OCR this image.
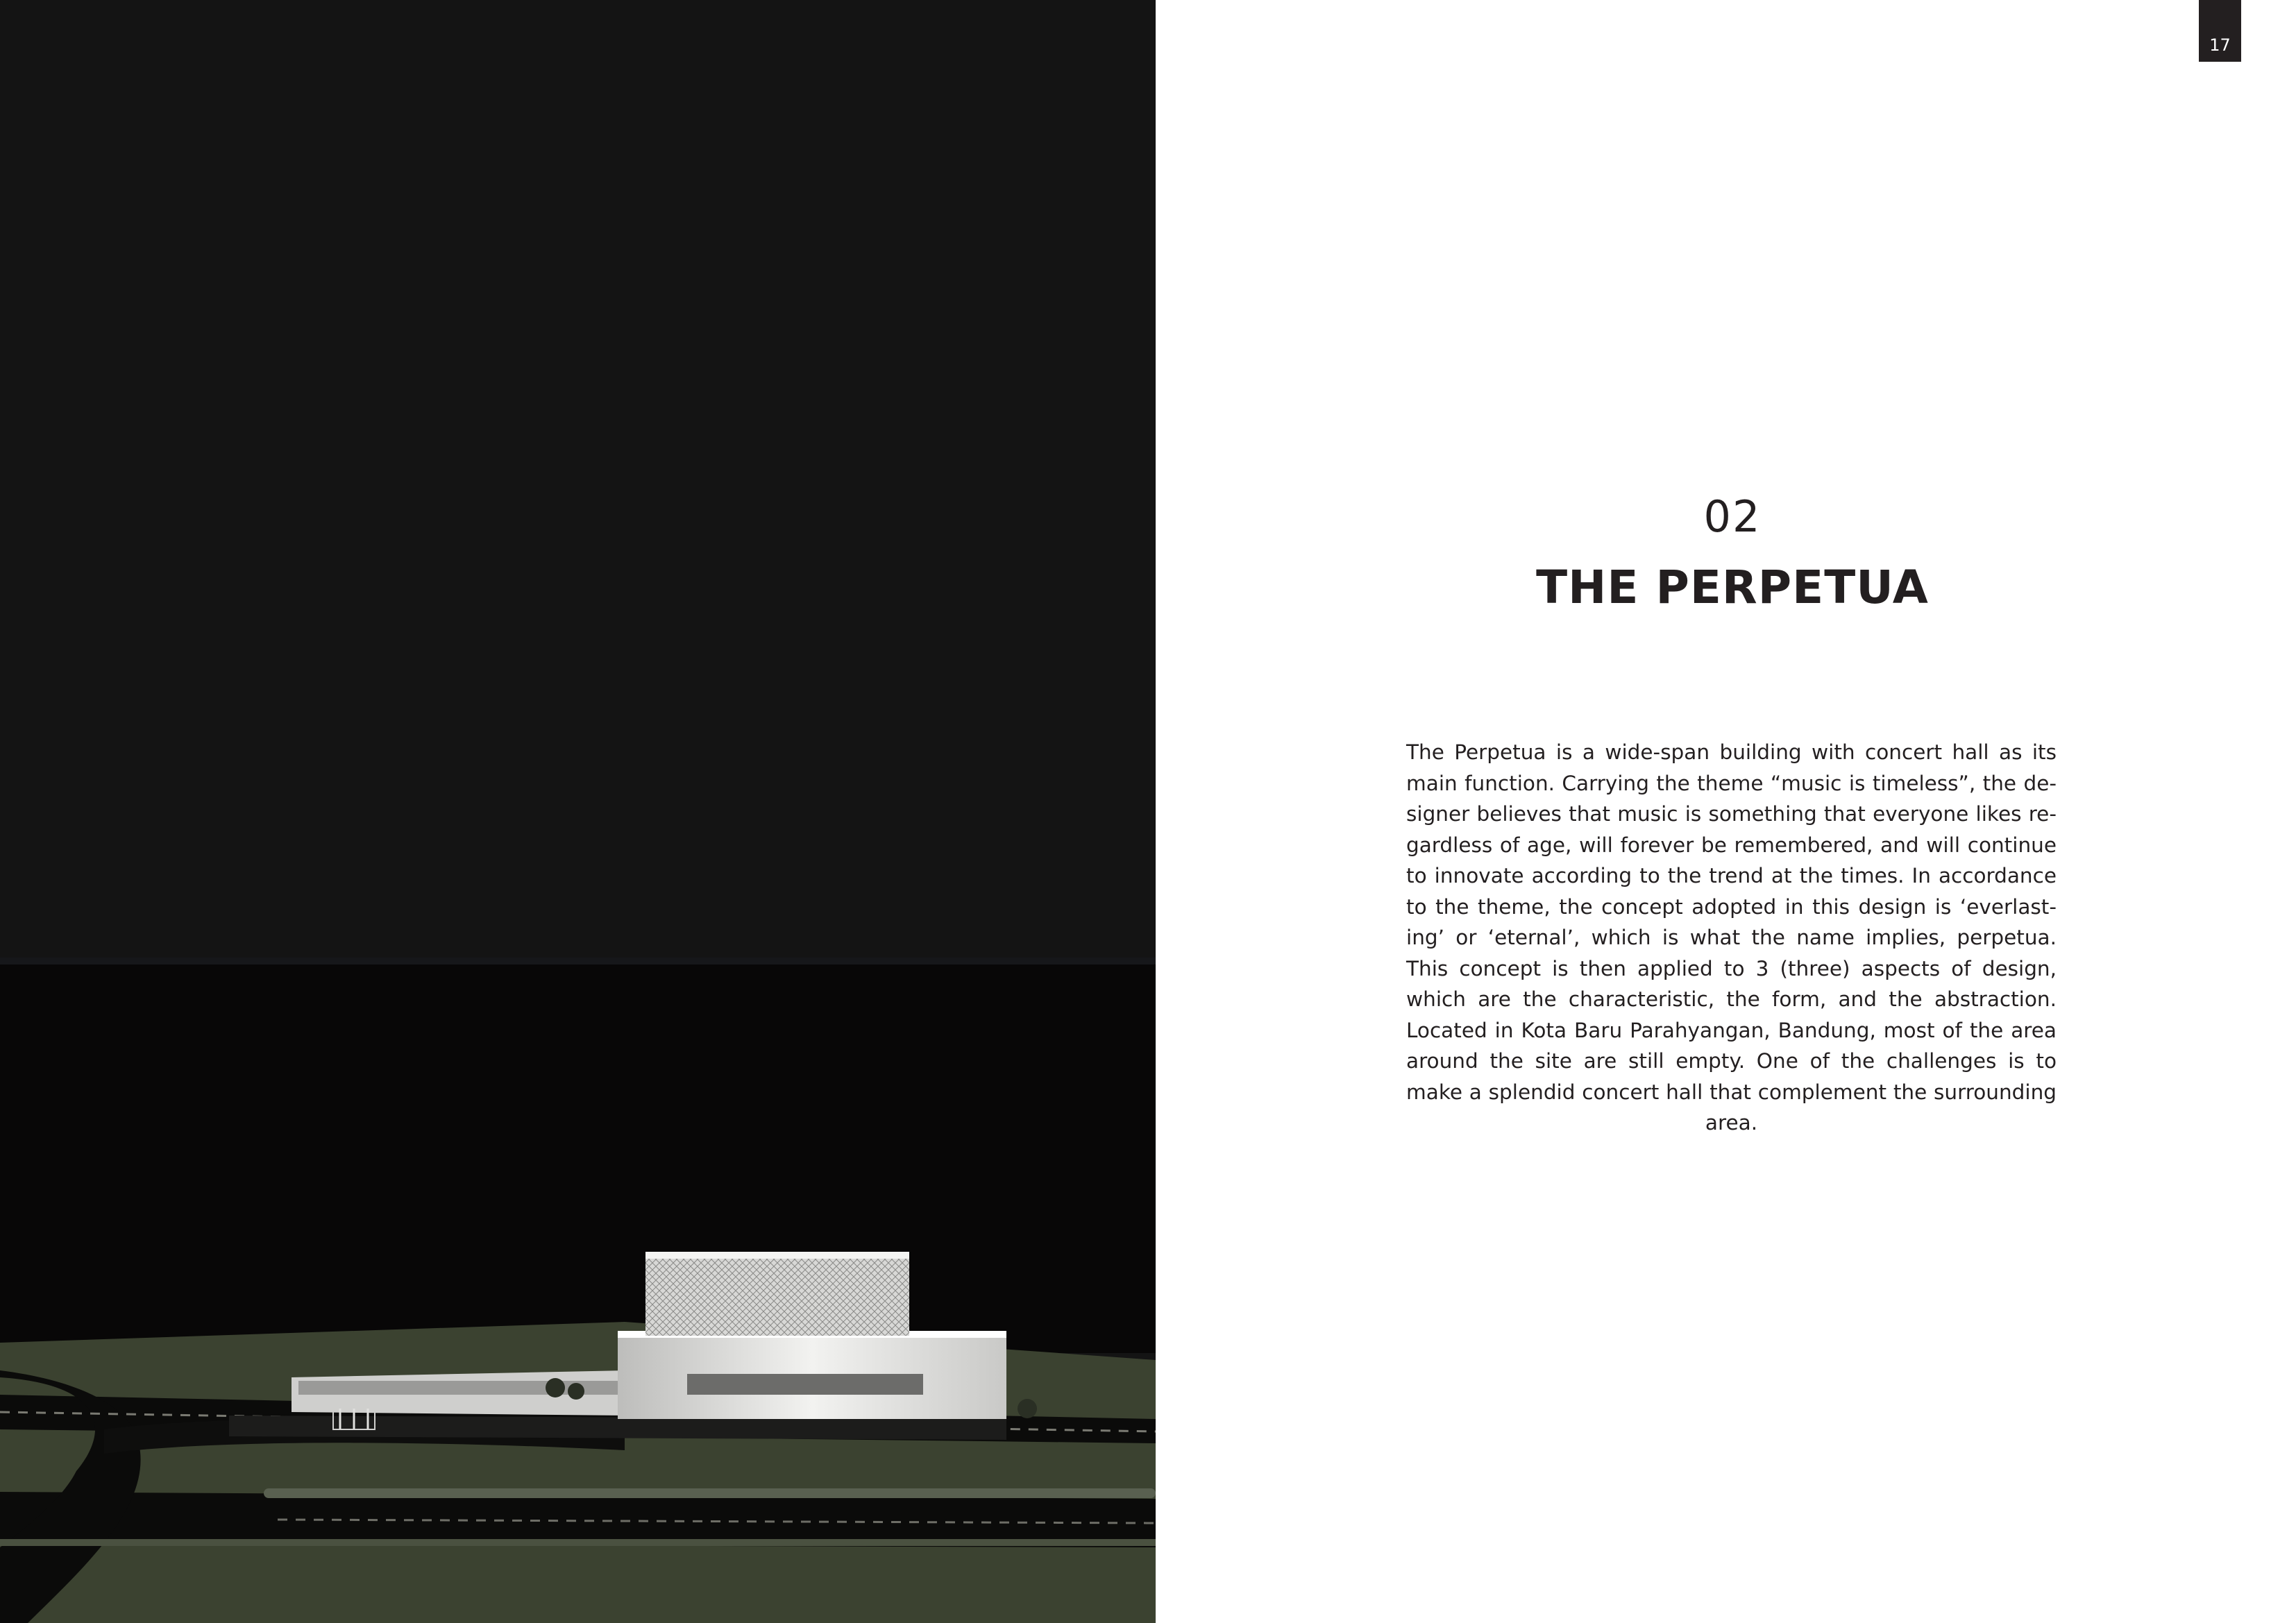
17
02
THE PERPETUA
The Perpetua is a wide-span building with concert hall as its main function. Carrying the theme “music is timeless”, the designer believes that music is something that everyone likes regardless of age, will forever be remembered, and will continue to innovate according to the trend at the times. In accordance to the theme, the concept adopted in this design is ‘everlasting’ or ‘eternal’, which is what the name implies, perpetua. This concept is then applied to 3 (three) aspects of design, which are the characteristic, the form, and the abstraction. Located in Kota Baru Parahyangan, Bandung, most of the area around the site are still empty. One of the challenges is to make a splendid concert hall that complement the surrounding area.
